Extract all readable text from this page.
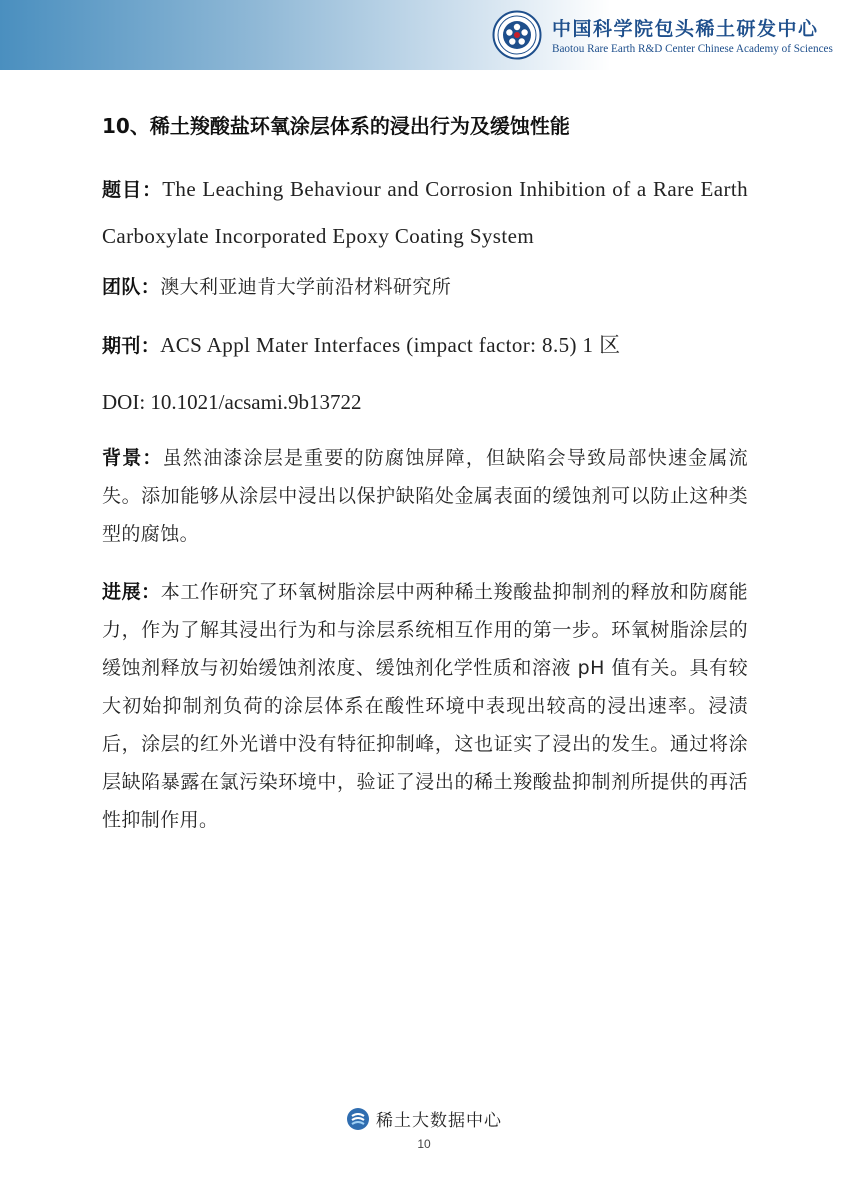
中国科学院包头稀土研发中心
Baotou Rare Earth R&D Center Chinese Academy of Sciences
10、稀土羧酸盐环氧涂层体系的浸出行为及缓蚀性能

题目：The Leaching Behaviour and Corrosion Inhibition of a Rare Earth Carboxylate Incorporated Epoxy Coating System

团队：澳大利亚迪肯大学前沿材料研究所

期刊：ACS Appl Mater Interfaces (impact factor: 8.5) 1 区

DOI: 10.1021/acsami.9b13722

背景：虽然油漆涂层是重要的防腐蚀屏障，但缺陷会导致局部快速金属流失。添加能够从涂层中浸出以保护缺陷处金属表面的缓蚀剂可以防止这种类型的腐蚀。

进展：本工作研究了环氧树脂涂层中两种稀土羧酸盐抑制剂的释放和防腐能力，作为了解其浸出行为和与涂层系统相互作用的第一步。环氧树脂涂层的缓蚀剂释放与初始缓蚀剂浓度、缓蚀剂化学性质和溶液 pH 值有关。具有较大初始抑制剂负荷的涂层体系在酸性环境中表现出较高的浸出速率。浸渍后，涂层的红外光谱中没有特征抑制峰，这也证实了浸出的发生。通过将涂层缺陷暴露在氯污染环境中，验证了浸出的稀土羧酸盐抑制剂所提供的再活性抑制作用。

稀土大数据中心
10
